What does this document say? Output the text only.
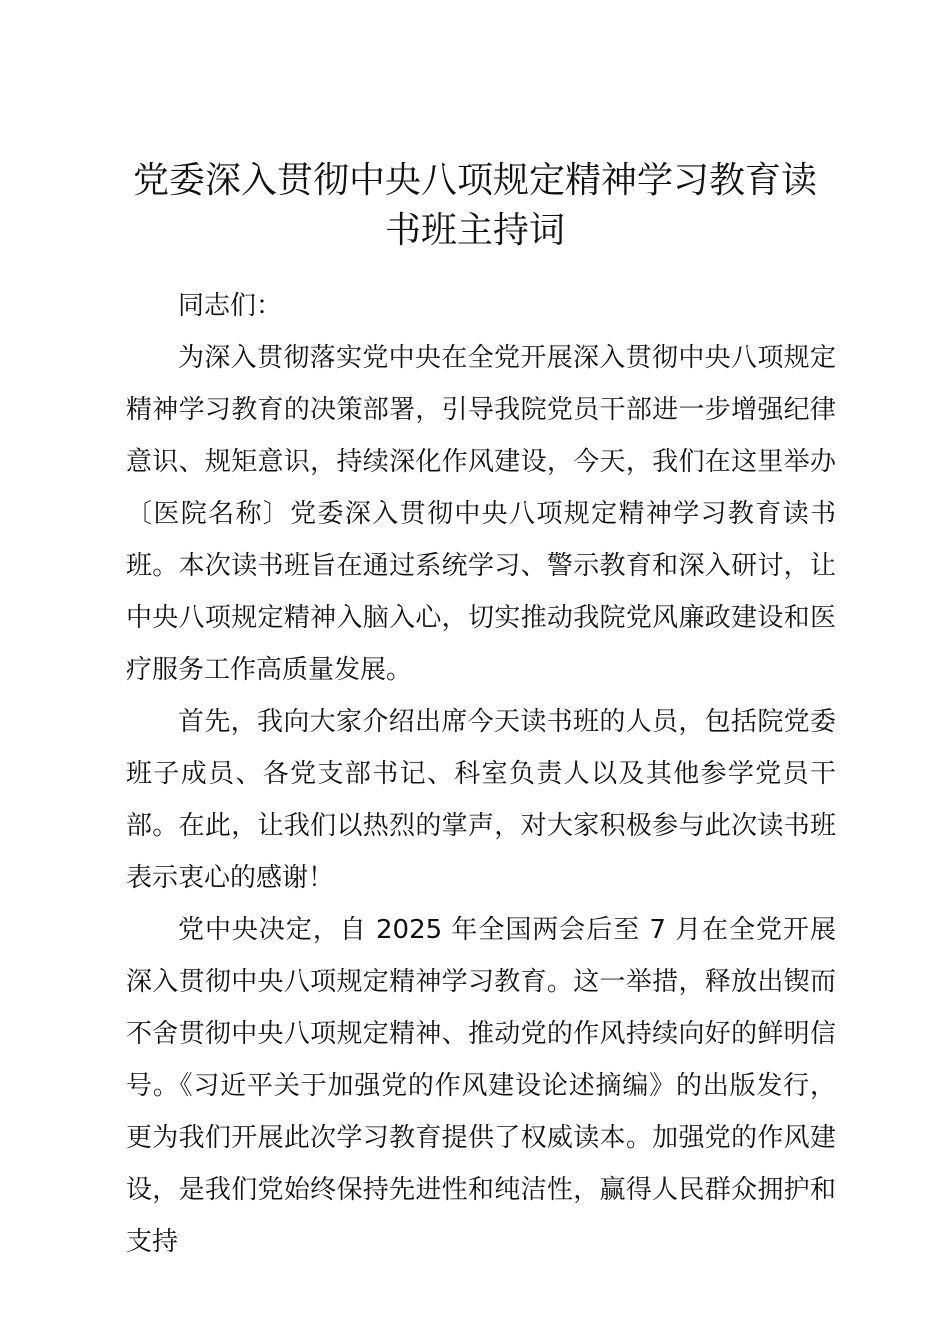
党委深入贯彻中央八项规定精神学习教育读书班主持词

同志们：

为深入贯彻落实党中央在全党开展深入贯彻中央八项规定精神学习教育的决策部署，引导我院党员干部进一步增强纪律意识、规矩意识，持续深化作风建设，今天，我们在这里举办〔医院名称〕党委深入贯彻中央八项规定精神学习教育读书班。本次读书班旨在通过系统学习、警示教育和深入研讨，让中央八项规定精神入脑入心，切实推动我院党风廉政建设和医疗服务工作高质量发展。

首先，我向大家介绍出席今天读书班的人员，包括院党委班子成员、各党支部书记、科室负责人以及其他参学党员干部。在此，让我们以热烈的掌声，对大家积极参与此次读书班表示衷心的感谢！

党中央决定，自 2025 年全国两会后至 7 月在全党开展深入贯彻中央八项规定精神学习教育。这一举措，释放出锲而不舍贯彻中央八项规定精神、推动党的作风持续向好的鲜明信号。《习近平关于加强党的作风建设论述摘编》的出版发行，更为我们开展此次学习教育提供了权威读本。加强党的作风建设，是我们党始终保持先进性和纯洁性，赢得人民群众拥护和支持
